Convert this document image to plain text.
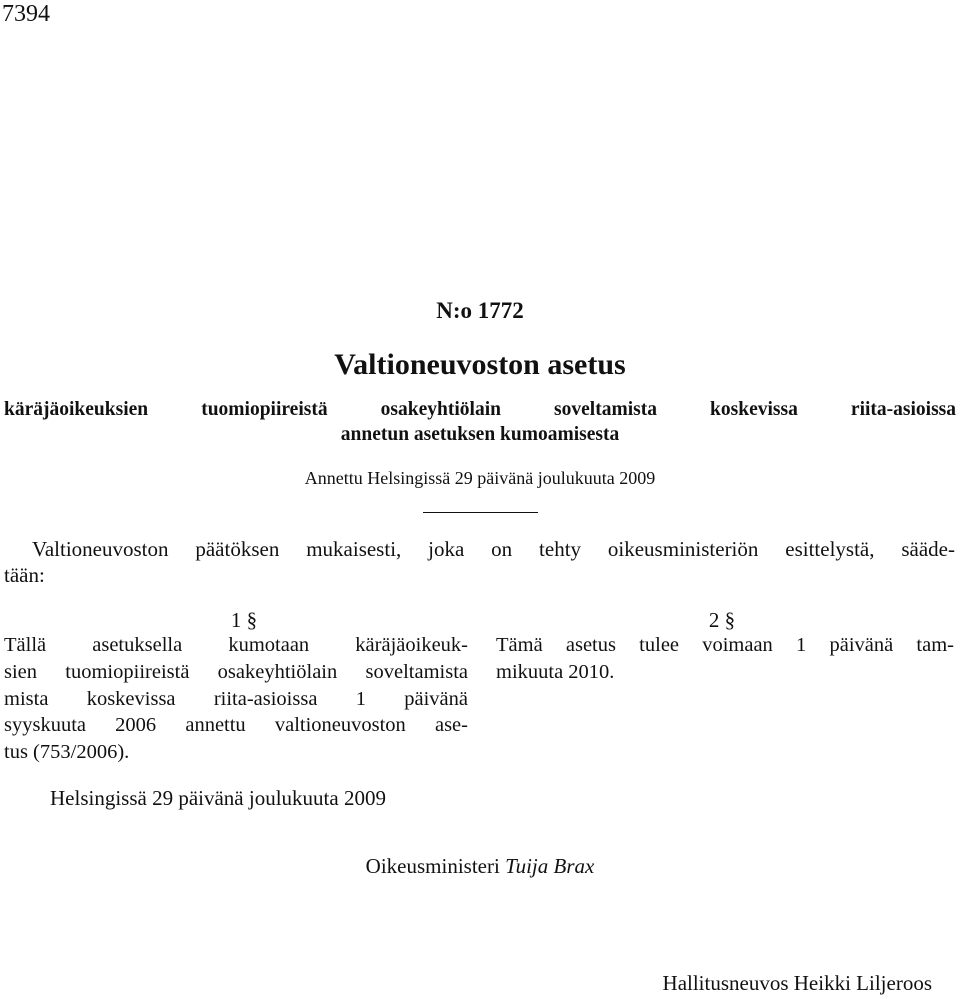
7394
N:o 1772
Valtioneuvoston asetus
käräjäoikeuksien tuomiopiireistä osakeyhtiölain soveltamista koskevissa riita-asioissa
annetun asetuksen kumoamisesta
Annettu Helsingissä 29 päivänä joulukuuta 2009
Valtioneuvoston päätöksen mukaisesti, joka on tehty oikeusministeriön esittelystä, sääde-
tään:
1 §
Tällä asetuksella kumotaan käräjäoikeuk-
sien tuomiopiireistä osakeyhtiölain soveltamista
mista koskevissa riita-asioissa 1 päivänä
syyskuuta 2006 annettu valtioneuvoston ase-
tus (753/2006).
2 §
Tämä asetus tulee voimaan 1 päivänä tam-
mikuuta 2010.
Helsingissä 29 päivänä joulukuuta 2009
Oikeusministeri Tuija Brax
Hallitusneuvos Heikki Liljeroos
